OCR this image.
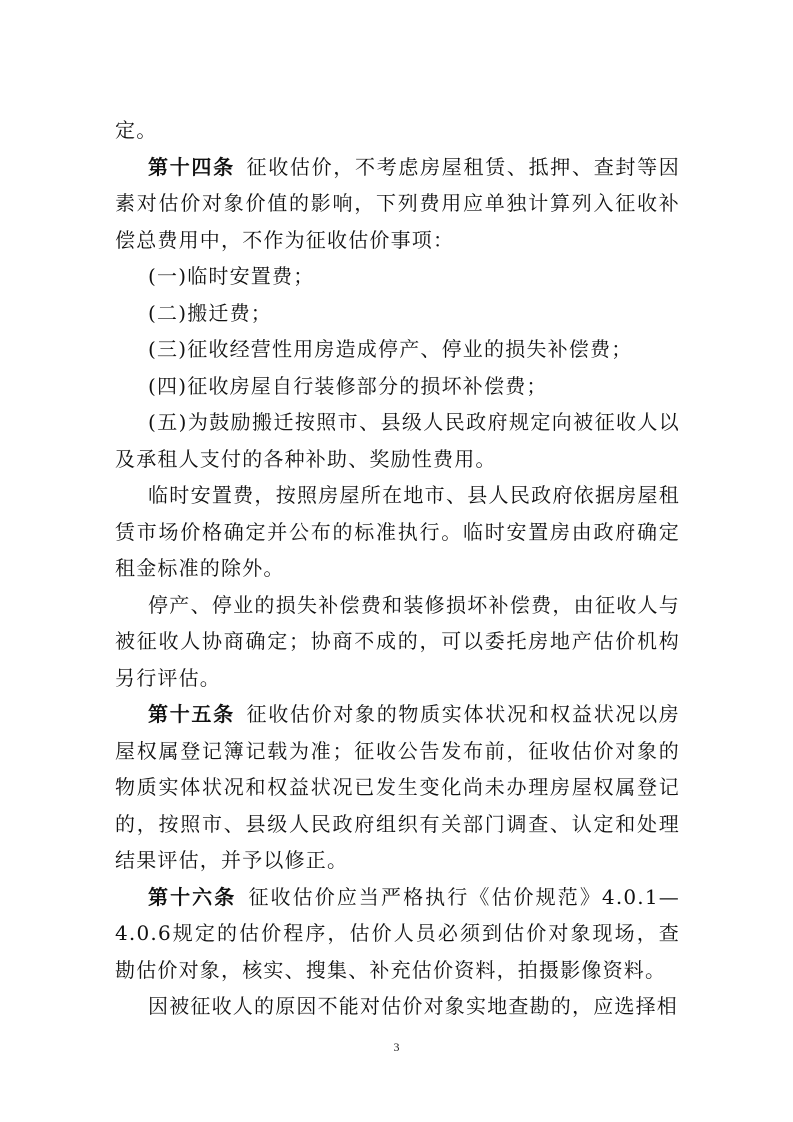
定。

第十四条  征收估价，不考虑房屋租赁、抵押、查封等因素对估价对象价值的影响，下列费用应单独计算列入征收补偿总费用中，不作为征收估价事项：

(一)临时安置费；

(二)搬迁费；

(三)征收经营性用房造成停产、停业的损失补偿费；

(四)征收房屋自行装修部分的损坏补偿费；

(五)为鼓励搬迁按照市、县级人民政府规定向被征收人以及承租人支付的各种补助、奖励性费用。

临时安置费，按照房屋所在地市、县人民政府依据房屋租赁市场价格确定并公布的标准执行。临时安置房由政府确定租金标准的除外。

停产、停业的损失补偿费和装修损坏补偿费，由征收人与被征收人协商确定；协商不成的，可以委托房地产估价机构另行评估。

第十五条  征收估价对象的物质实体状况和权益状况以房屋权属登记簿记载为准；征收公告发布前，征收估价对象的物质实体状况和权益状况已发生变化尚未办理房屋权属登记的，按照市、县级人民政府组织有关部门调查、认定和处理结果评估，并予以修正。

第十六条  征收估价应当严格执行《估价规范》4.0.1—4.0.6规定的估价程序，估价人员必须到估价对象现场，查勘估价对象，核实、搜集、补充估价资料，拍摄影像资料。

因被征收人的原因不能对估价对象实地查勘的，应选择相

3
